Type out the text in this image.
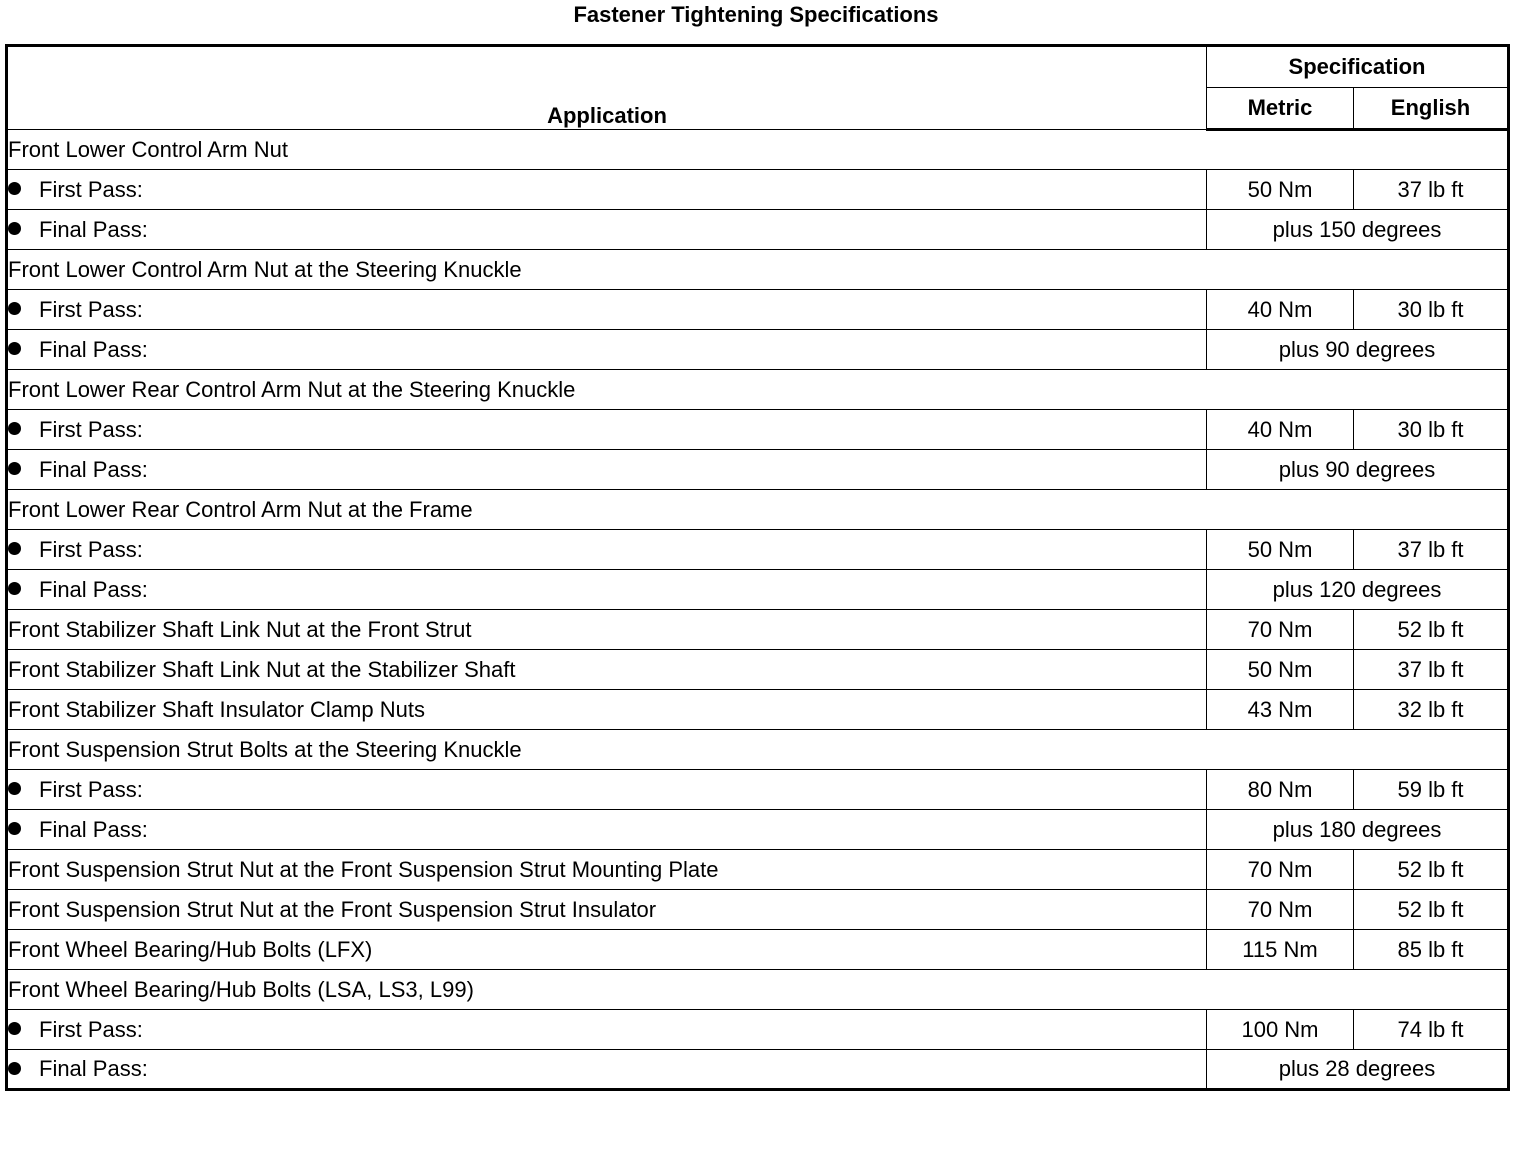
Fastener Tightening Specifications
Application	Specification	
	Metric	English
Front Lower Control Arm Nut		
First Pass:	50 Nm	37 lb ft
Final Pass:	plus 150 degrees	
Front Lower Control Arm Nut at the Steering Knuckle		
First Pass:	40 Nm	30 lb ft
Final Pass:	plus 90 degrees	
Front Lower Rear Control Arm Nut at the Steering Knuckle		
First Pass:	40 Nm	30 lb ft
Final Pass:	plus 90 degrees	
Front Lower Rear Control Arm Nut at the Frame		
First Pass:	50 Nm	37 lb ft
Final Pass:	plus 120 degrees	
Front Stabilizer Shaft Link Nut at the Front Strut	70 Nm	52 lb ft
Front Stabilizer Shaft Link Nut at the Stabilizer Shaft	50 Nm	37 lb ft
Front Stabilizer Shaft Insulator Clamp Nuts	43 Nm	32 lb ft
Front Suspension Strut Bolts at the Steering Knuckle		
First Pass:	80 Nm	59 lb ft
Final Pass:	plus 180 degrees	
Front Suspension Strut Nut at the Front Suspension Strut Mounting Plate	70 Nm	52 lb ft
Front Suspension Strut Nut at the Front Suspension Strut Insulator	70 Nm	52 lb ft
Front Wheel Bearing/Hub Bolts (LFX)	115 Nm	85 lb ft
Front Wheel Bearing/Hub Bolts (LSA, LS3, L99)		
First Pass:	100 Nm	74 lb ft
Final Pass:	plus 28 degrees	
